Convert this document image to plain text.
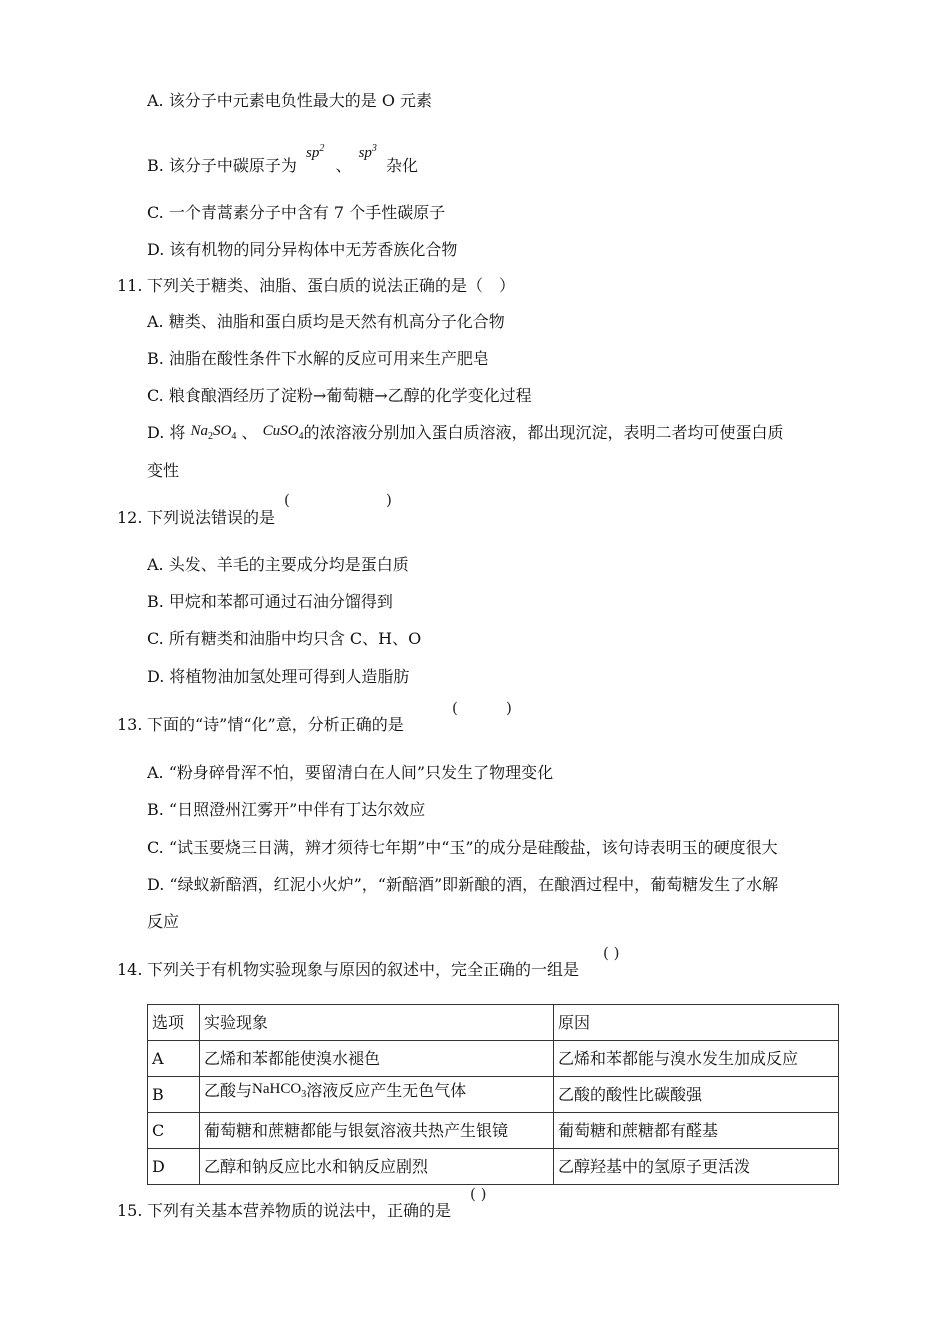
A. 该分子中元素电负性最大的是 O 元素
B. 该分子中碳原子为 $sp^2$ 、 $sp^3$ 杂化
C. 一个青蒿素分子中含有 7 个手性碳原子
D. 该有机物的同分异构体中无芳香族化合物
11. 下列关于糖类、油脂、蛋白质的说法正确的是（　）
A. 糖类、油脂和蛋白质均是天然有机高分子化合物
B. 油脂在酸性条件下水解的反应可用来生产肥皂
C. 粮食酿酒经历了淀粉→葡萄糖→乙醇的化学变化过程
D. 将 $Na_2SO_4$ 、 CuSO$_4$的浓溶液分别加入蛋白质溶液，都出现沉淀，表明二者均可使蛋白质
变性
12. 下列说法错误的是
(	)
A. 头发、羊毛的主要成分均是蛋白质
B. 甲烷和苯都可通过石油分馏得到
C. 所有糖类和油脂中均只含 C、H、O
D. 将植物油加氢处理可得到人造脂肪
13. 下面的“诗”情“化”意，分析正确的是
(	)
A. “粉身碎骨浑不怕，要留清白在人间”只发生了物理变化
B. “日照澄州江雾开”中伴有丁达尔效应
C. “试玉要烧三日满，辨才须待七年期”中“玉”的成分是硅酸盐，该句诗表明玉的硬度很大
D. “绿蚁新醅酒，红泥小火炉”，“新醅酒”即新酿的酒，在酿酒过程中，葡萄糖发生了水解
反应
14. 下列关于有机物实验现象与原因的叙述中，完全正确的一组是
( )
选项	实验现象	原因
A	乙烯和苯都能使溴水褪色	乙烯和苯都能与溴水发生加成反应
B	乙酸与NaHCO$_3$溶液反应产生无色气体	乙酸的酸性比碳酸强
C	葡萄糖和蔗糖都能与银氨溶液共热产生银镜	葡萄糖和蔗糖都有醛基
D	乙醇和钠反应比水和钠反应剧烈	乙醇羟基中的氢原子更活泼
15. 下列有关基本营养物质的说法中，正确的是
( )
